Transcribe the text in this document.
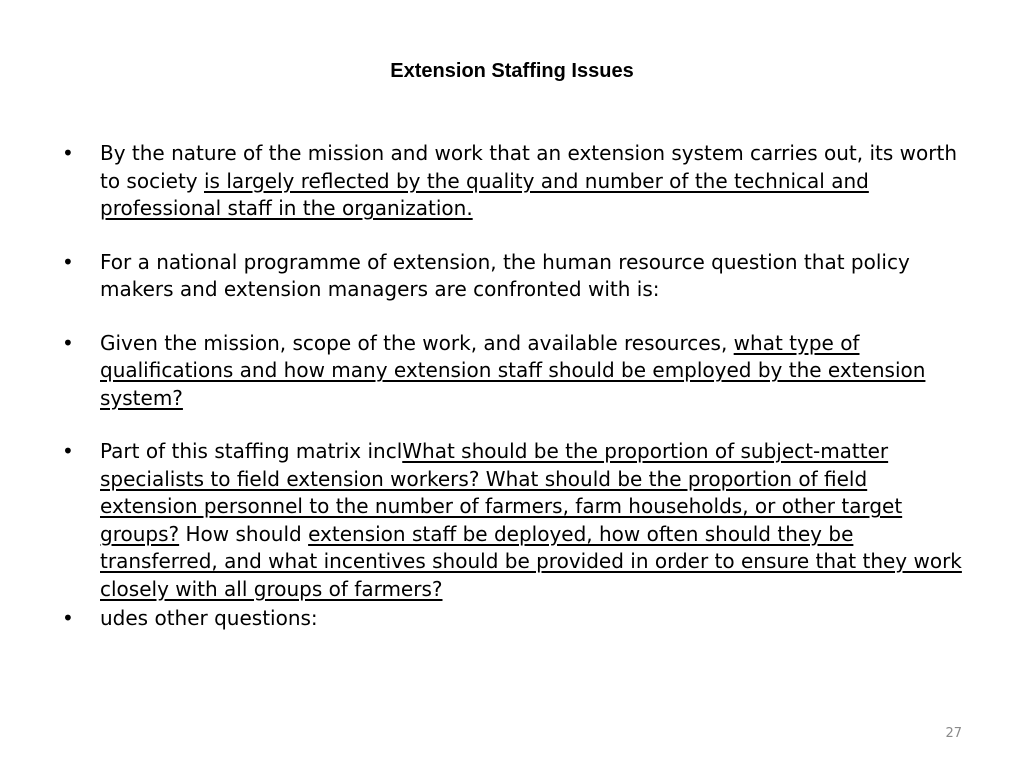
Extension Staffing Issues
•	By the nature of the mission and work that an extension system carries out, its worth to society is largely reflected by the quality and number of the technical and professional staff in the organization.
•	For a national programme of extension, the human resource question that policy makers and extension managers are confronted with is:
•	Given the mission, scope of the work, and available resources, what type of qualifications and how many extension staff should be employed by the extension system?
•	Part of this staffing matrix inclWhat should be the proportion of subject-matter specialists to field extension workers? What should be the proportion of field extension personnel to the number of farmers, farm households, or other target groups? How should extension staff be deployed, how often should they be transferred, and what incentives should be provided in order to ensure that they work closely with all groups of farmers?
•	udes other questions:
27
